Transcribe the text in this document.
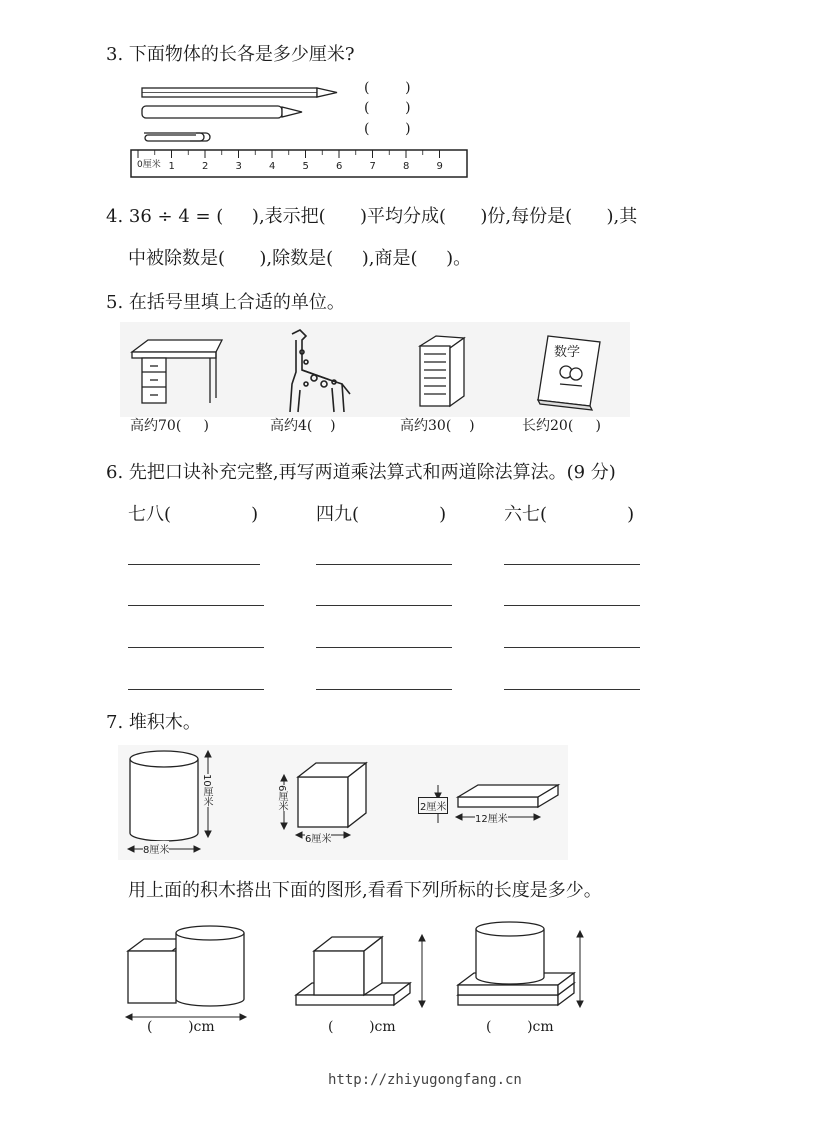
3. 下面物体的长各是多少厘米?
1	2	3	4	5	6	7	8	9
0厘米
(        )
(        )
(        )
4. 36 ÷ 4 = (     ),表示把(      )平均分成(      )份,每份是(      ),其
中被除数是(      ),除数是(     ),商是(     )。
5. 在括号里填上合适的单位。
数学
高约70(     )	高约4(    )	高约30(    )	长约20(     )
6. 先把口诀补充完整,再写两道乘法算式和两道除法算法。(9 分)
七八(              )	四九(              )	六七(              )
7. 堆积木。
10厘米
8厘米
6厘米
6厘米
2厘米
12厘米
用上面的积木搭出下面的图形,看看下列所标的长度是多少。
(        )cm	(        )cm	(        )cm
http://zhiyugongfang.cn
